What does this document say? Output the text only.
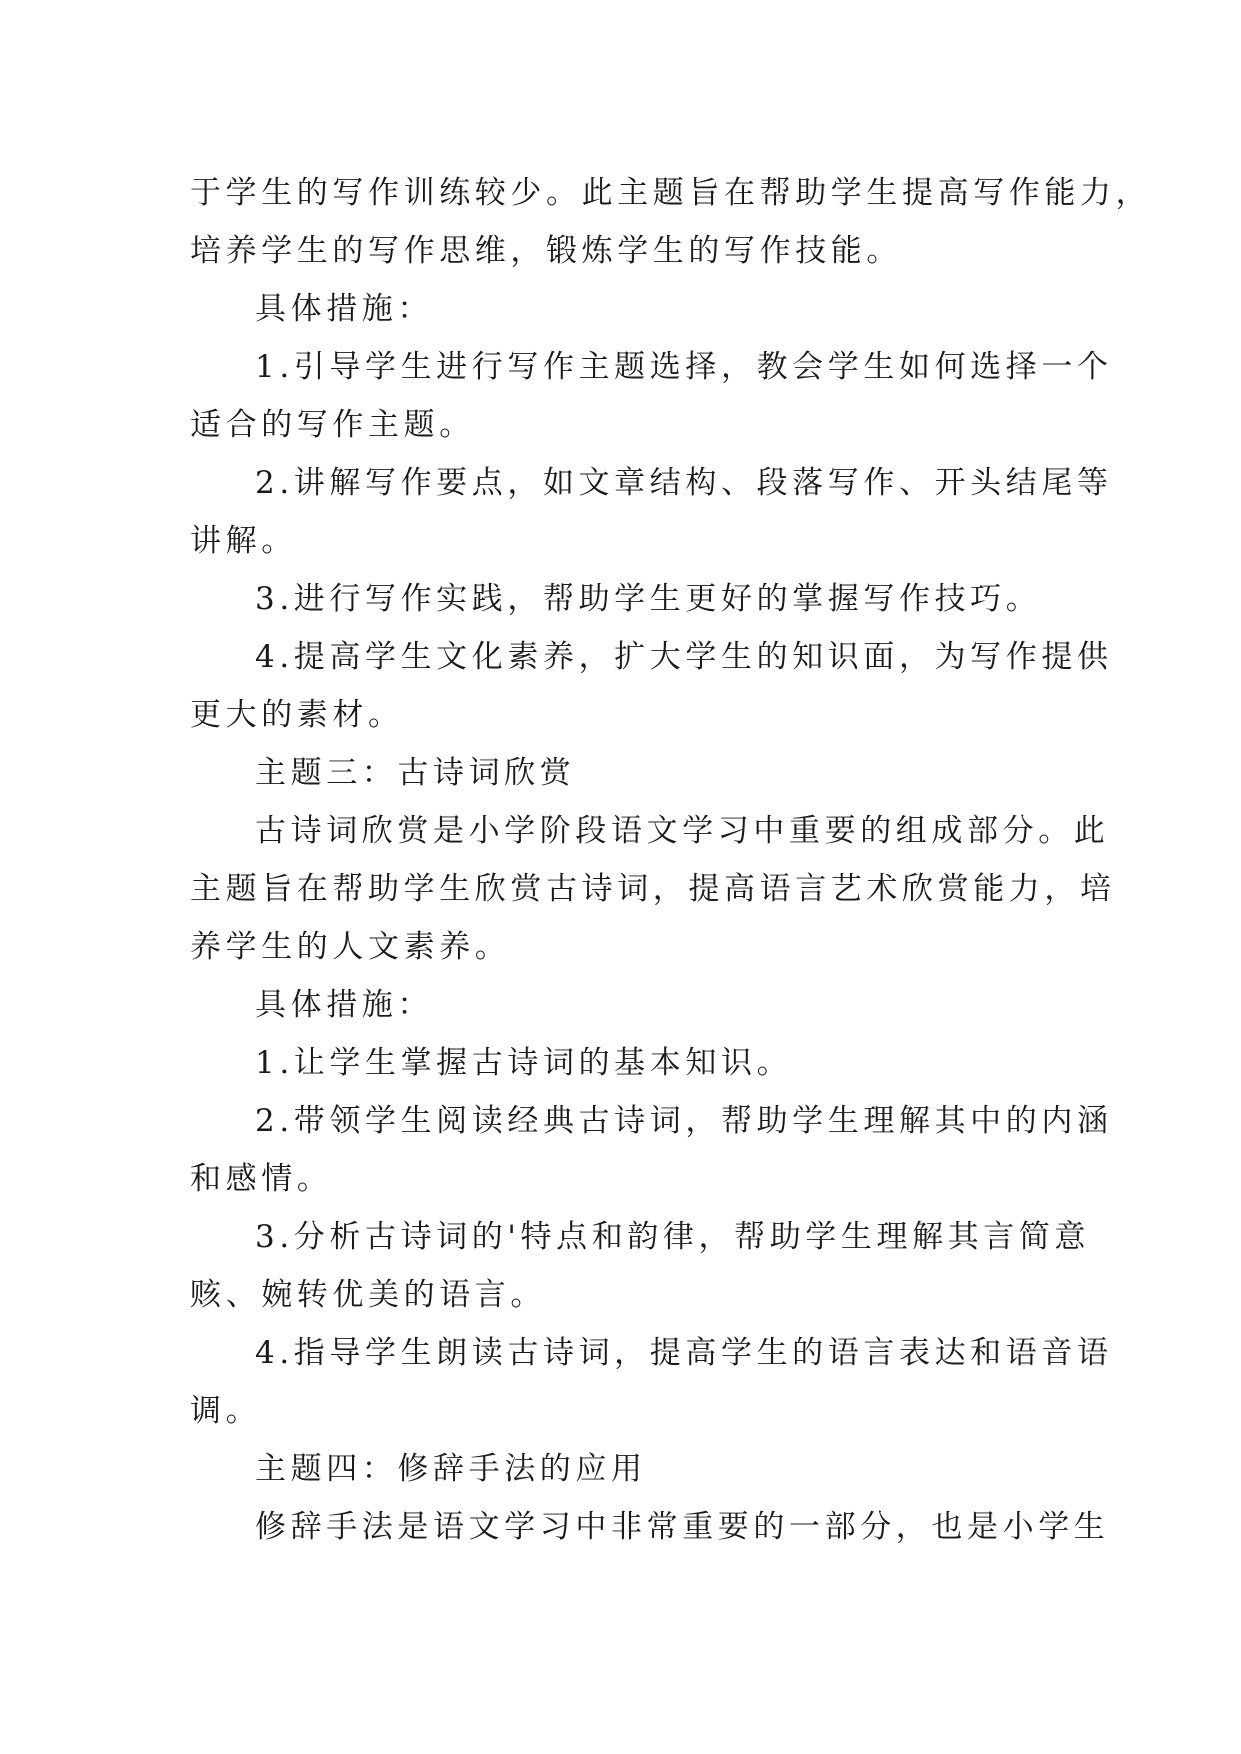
于学生的写作训练较少。此主题旨在帮助学生提高写作能力，
培养学生的写作思维，锻炼学生的写作技能。
具体措施：
1.引导学生进行写作主题选择，教会学生如何选择一个
适合的写作主题。
2.讲解写作要点，如文章结构、段落写作、开头结尾等
讲解。
3.进行写作实践，帮助学生更好的掌握写作技巧。
4.提高学生文化素养，扩大学生的知识面，为写作提供
更大的素材。
主题三：古诗词欣赏
古诗词欣赏是小学阶段语文学习中重要的组成部分。此
主题旨在帮助学生欣赏古诗词，提高语言艺术欣赏能力，培
养学生的人文素养。
具体措施：
1.让学生掌握古诗词的基本知识。
2.带领学生阅读经典古诗词，帮助学生理解其中的内涵
和感情。
3.分析古诗词的'特点和韵律，帮助学生理解其言简意
赅、婉转优美的语言。
4.指导学生朗读古诗词，提高学生的语言表达和语音语
调。
主题四：修辞手法的应用
修辞手法是语文学习中非常重要的一部分，也是小学生
